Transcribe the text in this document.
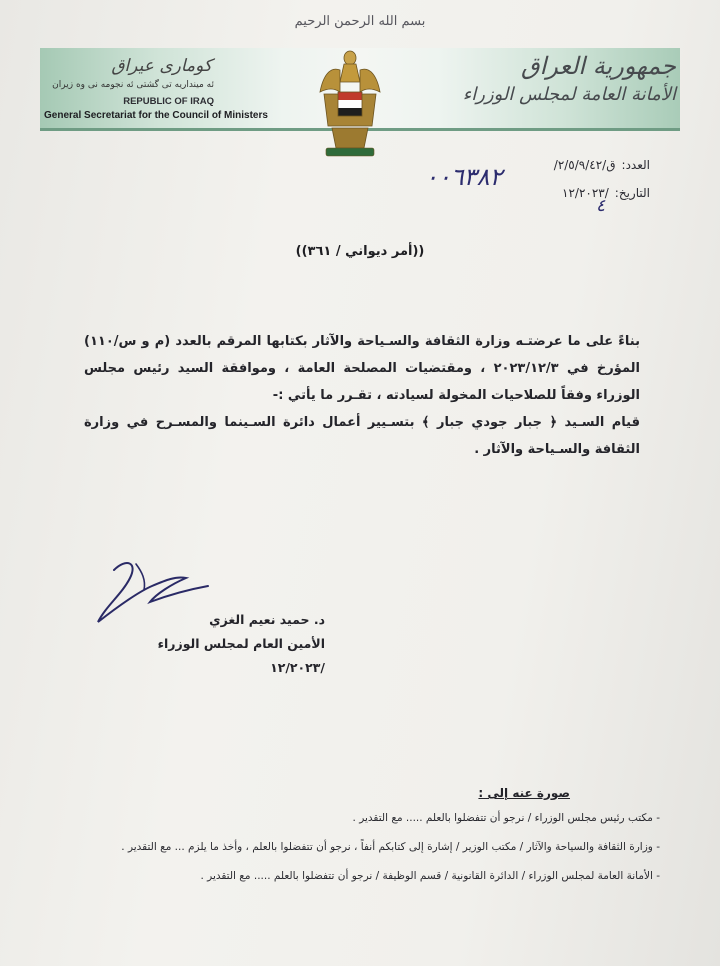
بسم الله الرحمن الرحيم
جمهورية العراق
الأمانة العامة لمجلس الوزراء
كوماری عیراق
ئه مینداریه تی گشتی ئه نجومه نی وه زیران
REPUBLIC OF IRAQ
General Secretariat for the Council of Ministers
العدد:ق/٢/٥/٩/٤٢/
٠٠٦٣٨٢
التاريخ:/١٢/٢٠٢٣
٤
((أمر ديواني / ٣٦١))

بناءً على ما عرضتـه وزارة الثقافة والسـياحة والآثار بكتابها المرقم بالعدد (م و س/١١٠) المؤرخ في ٢٠٢٣/١٢/٣ ، ومقتضيات المصلحة العامة ، وموافقة السيد رئيس مجلس الوزراء وفقاً للصلاحيات المخولة لسيادته ، تقـرر ما يأتي :-

قيام السـيد ﴿ جبار جودي جبار ﴾ بتسـيير أعمال دائرة السـينما والمسـرح في وزارة الثقافة والسـياحة والآثار .

د. حميد نعيم الغزي
الأمين العام لمجلس الوزراء
/١٢/٢٠٢٣
صورة عنه إلى :
- مكتب رئيس مجلس الوزراء / نرجو أن تتفضلوا بالعلم ..... مع التقدير .
- وزارة الثقافة والسياحة والآثار / مكتب الوزير / إشارة إلى كتابكم أنفاً ، نرجو أن تتفضلوا بالعلم ، وأخذ ما يلزم ... مع التقدير .
- الأمانة العامة لمجلس الوزراء / الدائرة القانونية / قسم الوظيفة / نرجو أن تتفضلوا بالعلم ..... مع التقدير .
